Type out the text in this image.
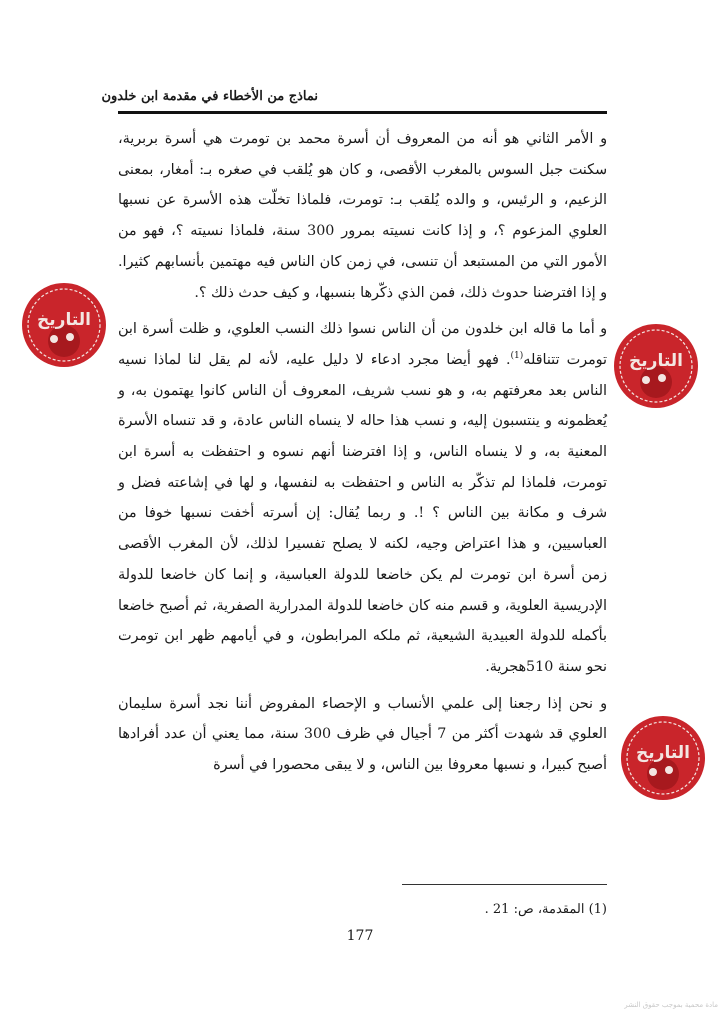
نماذج من الأخطاء في مقدمة ابن خلدون

و الأمر الثاني هو أنه من المعروف أن أسرة محمد بن تومرت هي أسرة بربرية، سكنت جبل السوس بالمغرب الأقصى، و كان هو يُلقب في صغره بـ: أمغار، بمعنى الزعيم، و الرئيس، و والده يُلقب بـ: تومرت، فلماذا تخلّت هذه الأسرة عن نسبها العلوي المزعوم ؟، و إذا كانت نسيته بمرور 300 سنة، فلماذا نسيته ؟، فهو من الأمور التي من المستبعد أن تنسى، في زمن كان الناس فيه مهتمين بأنسابهم كثيرا. و إذا افترضنا حدوث ذلك، فمن الذي ذكّرها بنسبها، و كيف حدث ذلك ؟.

و أما ما قاله ابن خلدون من أن الناس نسوا ذلك النسب العلوي، و ظلت أسرة ابن تومرت تتناقله$^{(1)}$. فهو أيضا مجرد ادعاء لا دليل عليه، لأنه لم يقل لنا لماذا نسيه الناس بعد معرفتهم به، و هو نسب شريف، المعروف أن الناس كانوا يهتمون به، و يُعظمونه و ينتسبون إليه، و نسب هذا حاله لا ينساه الناس عادة، و قد تنساه الأسرة المعنية به، و لا ينساه الناس، و إذا افترضنا أنهم نسوه و احتفظت به أسرة ابن تومرت، فلماذا لم تذكّر به الناس و احتفظت به لنفسها، و لها في إشاعته فضل و شرف و مكانة بين الناس ؟ !. و ربما يُقال: إن أسرته أخفت نسبها خوفا من العباسيين، و هذا اعتراض وجيه، لكنه لا يصلح تفسيرا لذلك، لأن المغرب الأقصى زمن أسرة ابن تومرت لم يكن خاضعا للدولة العباسية، و إنما كان خاضعا للدولة الإدريسية العلوية، و قسم منه كان خاضعا للدولة المدرارية الصفرية، ثم أصبح خاضعا بأكمله للدولة العبيدية الشيعية، ثم ملكه المرابطون، و في أيامهم ظهر ابن تومرت نحو سنة 510هجرية.

و نحن إذا رجعنا إلى علمي الأنساب و الإحصاء المفروض أننا نجد أسرة سليمان العلوي قد شهدت أكثر من 7 أجيال في ظرف 300 سنة، مما يعني أن عدد أفرادها أصبح كبيرا، و نسبها معروفا بين الناس، و لا يبقى محصورا في أسرة

(1) المقدمة، ص: 21 .
177
التاريخ
التاريخ
التاريخ
مادة محمية بموجب حقوق النشر
